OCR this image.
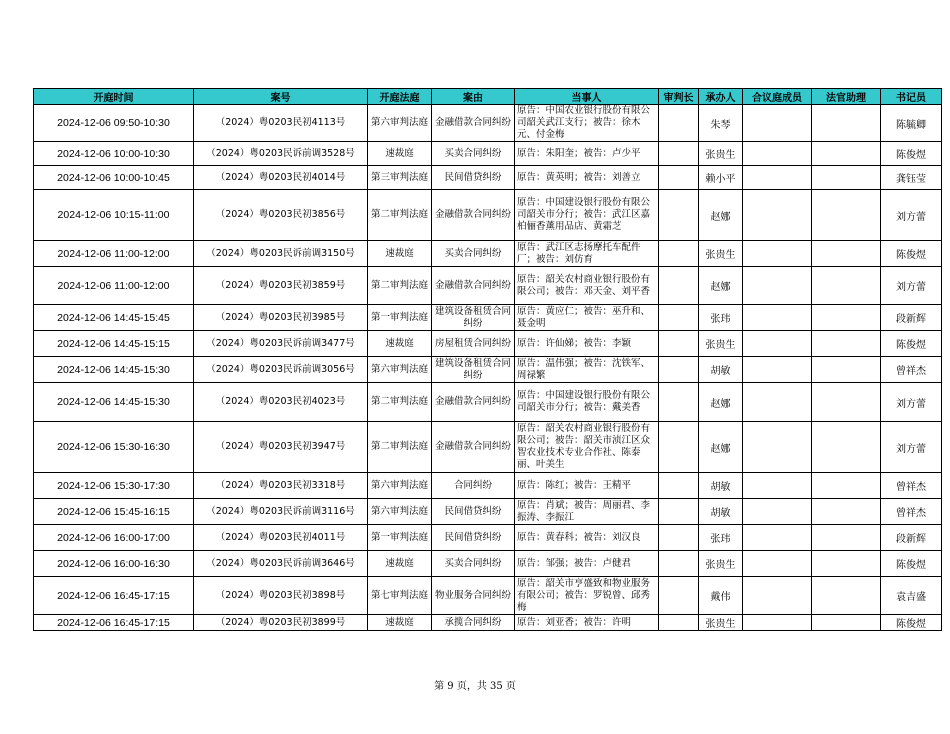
开庭时间	案号	开庭法庭	案由	当事人	审判长	承办人	合议庭成员	法官助理	书记员
2024-12-06 09:50-10:30	（2024）粤0203民初4113号	第六审判法庭	金融借款合同纠纷	原告：中国农业银行股份有限公司韶关武江支行；被告：徐木元、付金梅		朱琴			陈毓卿
2024-12-06 10:00-10:30	（2024）粤0203民诉前调3528号	速裁庭	买卖合同纠纷	原告：朱阳奎；被告：卢少平		张贵生			陈俊煜
2024-12-06 10:00-10:45	（2024）粤0203民初4014号	第三审判法庭	民间借贷纠纷	原告：黄英明；被告：刘善立		赖小平			龚钰莹
2024-12-06 10:15-11:00	（2024）粤0203民初3856号	第二审判法庭	金融借款合同纠纷	原告：中国建设银行股份有限公司韶关市分行；被告：武江区嘉柏俪香薰用品店、黄霜芝		赵娜			刘方蕾
2024-12-06 11:00-12:00	（2024）粤0203民诉前调3150号	速裁庭	买卖合同纠纷	原告：武江区志扬摩托车配件厂；被告：刘仿育		张贵生			陈俊煜
2024-12-06 11:00-12:00	（2024）粤0203民初3859号	第二审判法庭	金融借款合同纠纷	原告：韶关农村商业银行股份有限公司；被告：邓天金、刘平香		赵娜			刘方蕾
2024-12-06 14:45-15:45	（2024）粤0203民初3985号	第一审判法庭	建筑设备租赁合同纠纷	原告：黄应仁；被告：巫升和、聂金明		张玮			段新辉
2024-12-06 14:45-15:15	（2024）粤0203民诉前调3477号	速裁庭	房屋租赁合同纠纷	原告：许仙娣；被告：李颖		张贵生			陈俊煜
2024-12-06 14:45-15:30	（2024）粤0203民诉前调3056号	第六审判法庭	建筑设备租赁合同纠纷	原告：温伟强；被告：沈铁军、周禄繁		胡敏			曾祥杰
2024-12-06 14:45-15:30	（2024）粤0203民初4023号	第二审判法庭	金融借款合同纠纷	原告：中国建设银行股份有限公司韶关市分行；被告：戴美香		赵娜			刘方蕾
2024-12-06 15:30-16:30	（2024）粤0203民初3947号	第二审判法庭	金融借款合同纠纷	原告：韶关农村商业银行股份有限公司；被告：韶关市浈江区众智农业技术专业合作社、陈泰丽、叶美生		赵娜			刘方蕾
2024-12-06 15:30-17:30	（2024）粤0203民初3318号	第六审判法庭	合同纠纷	原告：陈红；被告：王精平		胡敏			曾祥杰
2024-12-06 15:45-16:15	（2024）粤0203民诉前调3116号	第六审判法庭	民间借贷纠纷	原告：肖斌；被告：周丽君、李振涛、李振江		胡敏			曾祥杰
2024-12-06 16:00-17:00	（2024）粤0203民初4011号	第一审判法庭	民间借贷纠纷	原告：黄春科；被告：刘汉良		张玮			段新辉
2024-12-06 16:00-16:30	（2024）粤0203民诉前调3646号	速裁庭	买卖合同纠纷	原告：邹强；被告：卢健君		张贵生			陈俊煜
2024-12-06 16:45-17:15	（2024）粤0203民初3898号	第七审判法庭	物业服务合同纠纷	原告：韶关市亨盛致和物业服务有限公司；被告：罗锐曾、邱秀梅		戴伟			袁吉盛
2024-12-06 16:45-17:15	（2024）粤0203民初3899号	速裁庭	承揽合同纠纷	原告：刘亚香；被告：许明		张贵生			陈俊煜
第 9 页，共 35 页
